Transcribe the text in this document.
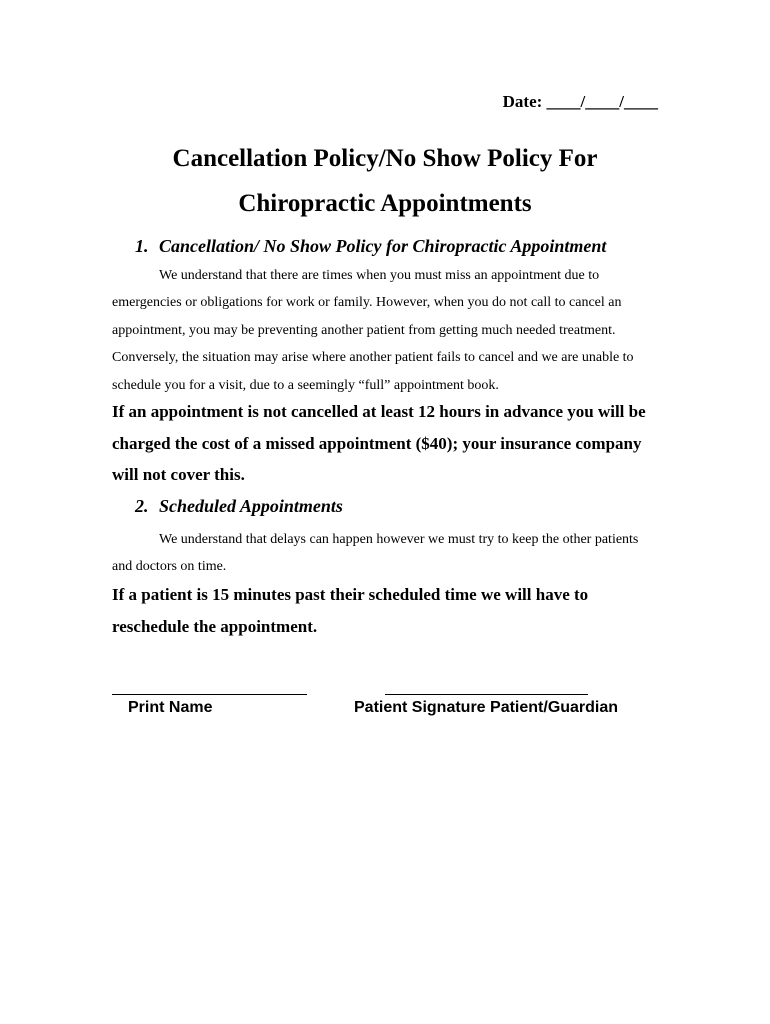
Date: ____/____/____
Cancellation Policy/No Show Policy For
Chiropractic Appointments
1. Cancellation/ No Show Policy for Chiropractic Appointment

We understand that there are times when you must miss an appointment due to emergencies or obligations for work or family. However, when you do not call to cancel an appointment, you may be preventing another patient from getting much needed treatment. Conversely, the situation may arise where another patient fails to cancel and we are unable to schedule you for a visit, due to a seemingly “full” appointment book.

If an appointment is not cancelled at least 12 hours in advance you will be charged the cost of a missed appointment ($40); your insurance company will not cover this.

2. Scheduled Appointments

We understand that delays can happen however we must try to keep the other patients and doctors on time.

If a patient is 15 minutes past their scheduled time we will have to reschedule the appointment.

Print Name	Patient Signature Patient/Guardian
